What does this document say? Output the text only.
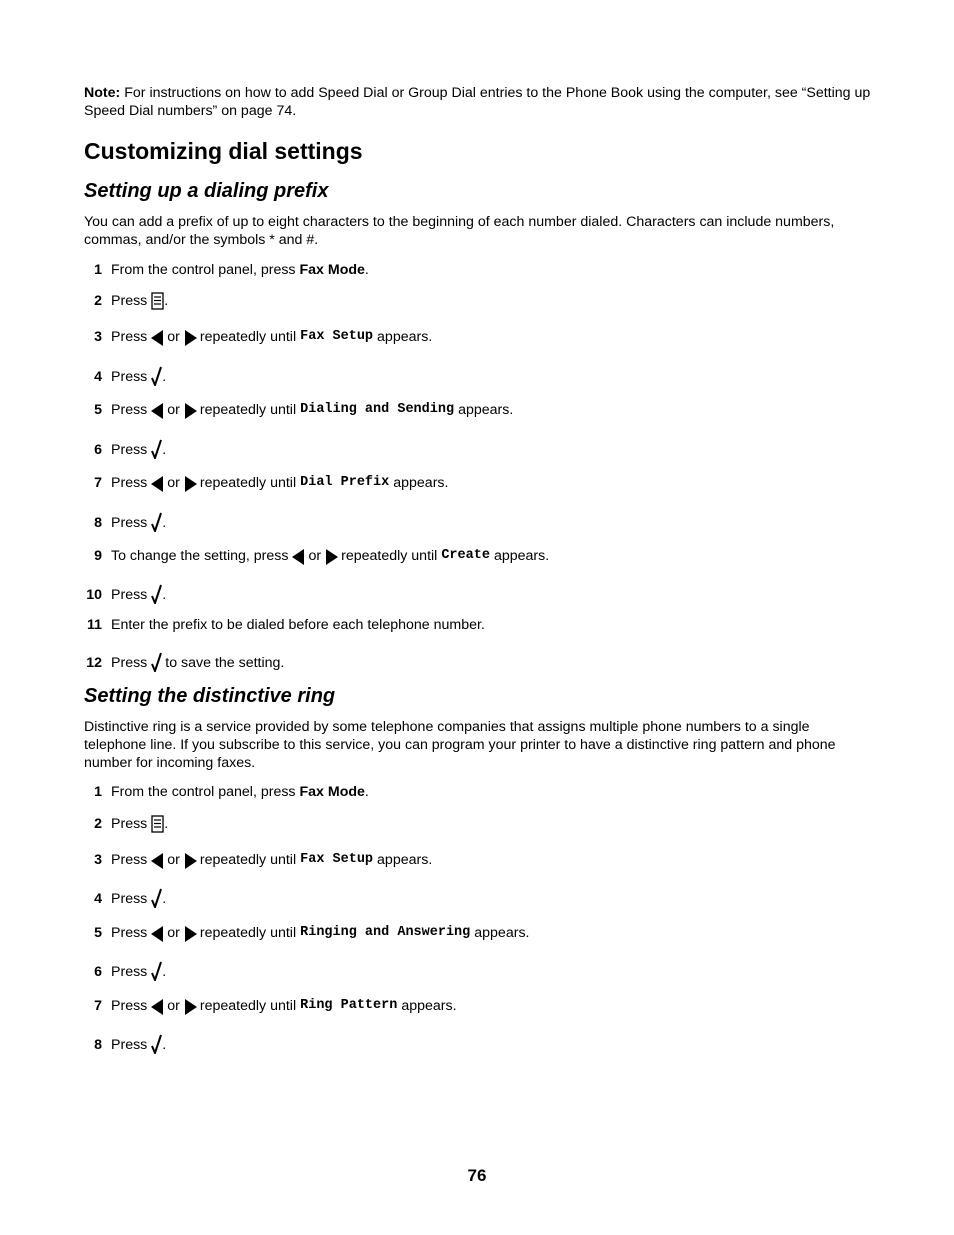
Note: For instructions on how to add Speed Dial or Group Dial entries to the Phone Book using the computer, see “Setting up Speed Dial numbers” on page 74.

Customizing dial settings
Setting up a dialing prefix

You can add a prefix of up to eight characters to the beginning of each number dialed. Characters can include numbers, commas, and/or the symbols * and #.

1 From the control panel, press
Fax Mode .
2 Press .
3 Press or repeatedly until Fax Setup appears.
4 Press .
5 Press or repeatedly until Dialing and Sending appears.
6 Press .
7 Press or repeatedly until Dial Prefix appears.
8 Press .
9 To change the setting, press or repeatedly until Create appears.
10 Press .
11 Enter the prefix to be dialed before each telephone number.
12 Press to save the setting.
Setting the distinctive ring

Distinctive ring is a service provided by some telephone companies that assigns multiple phone numbers to a single telephone line. If you subscribe to this service, you can program your printer to have a distinctive ring pattern and phone number for incoming faxes.

1 From the control panel, press
Fax Mode .
2 Press .
3 Press or repeatedly until Fax Setup appears.
4 Press .
5 Press or repeatedly until Ringing and Answering appears.
6 Press .
7 Press or repeatedly until Ring Pattern appears.
8 Press .
76
